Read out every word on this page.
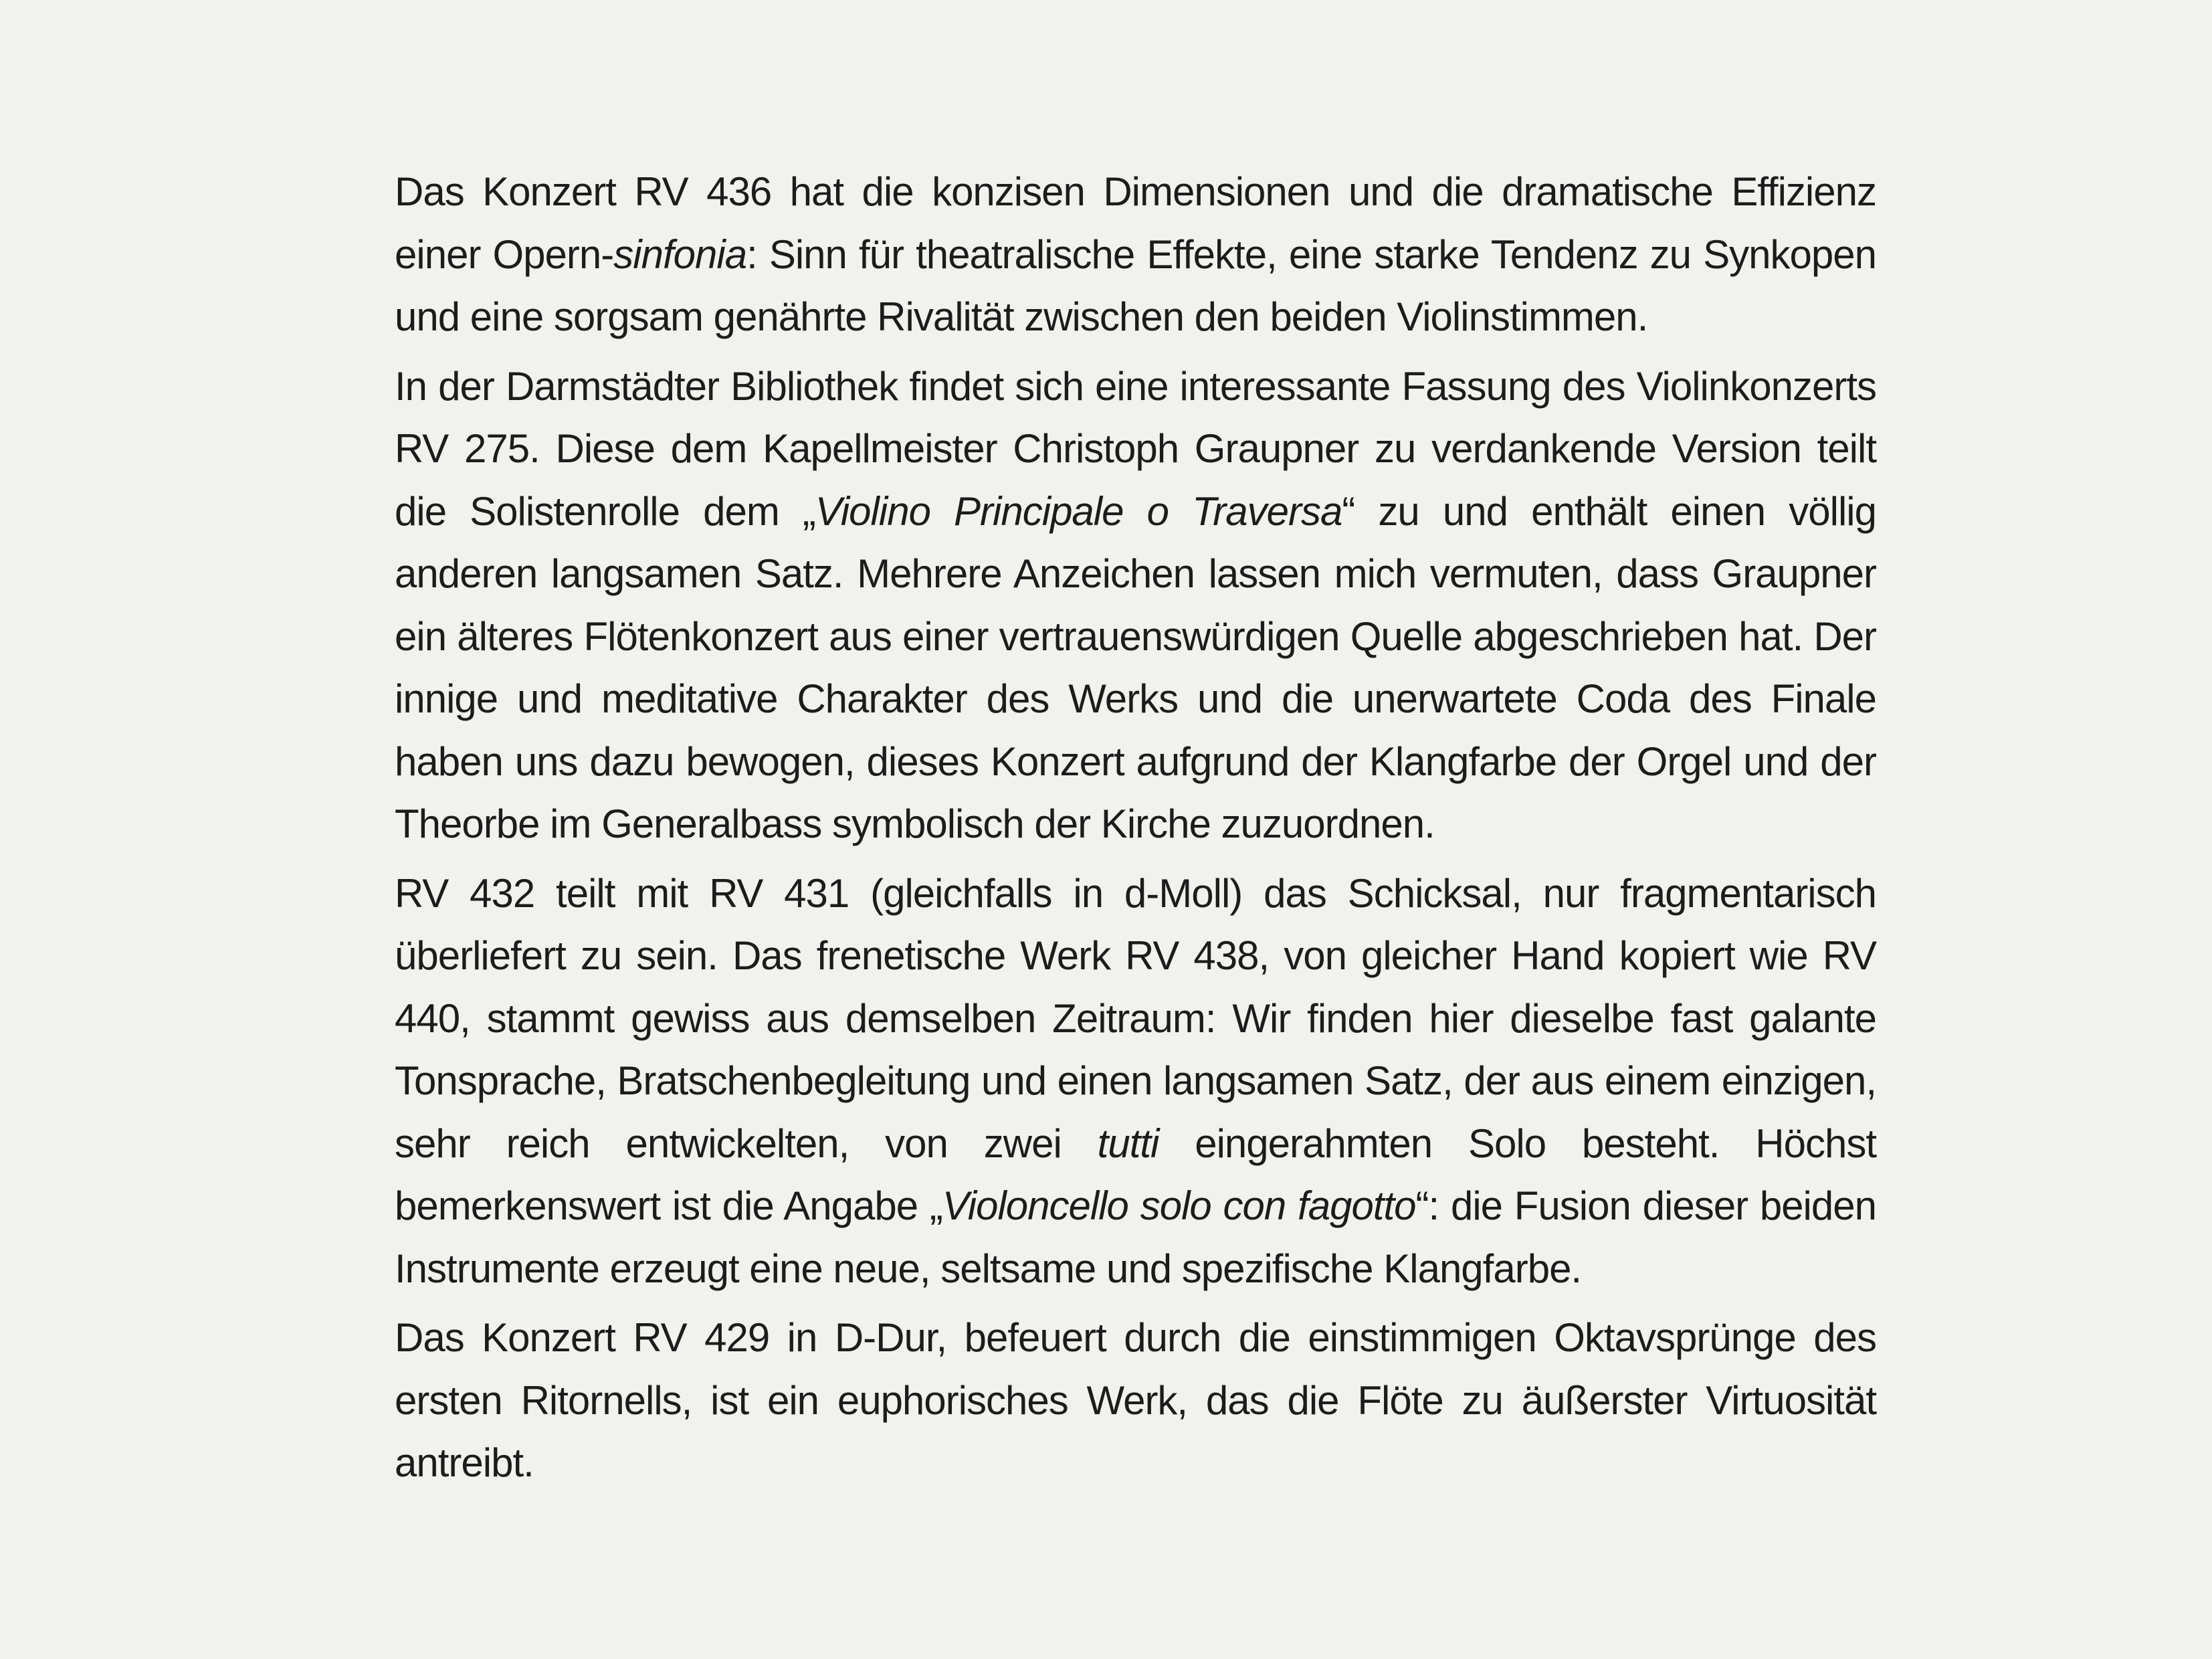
Das Konzert RV 436 hat die konzisen Dimensionen und die dramatische Effizienz einer Opern-sinfonia: Sinn für theatralische Effekte, eine starke Tendenz zu Synkopen und eine sorgsam genährte Rivalität zwischen den beiden Violinstimmen.

In der Darmstädter Bibliothek findet sich eine interessante Fassung des Violinkonzerts RV 275. Diese dem Kapellmeister Christoph Graupner zu verdankende Version teilt die Solistenrolle dem „Violino Principale o Traversa“ zu und enthält einen völlig anderen langsamen Satz. Mehrere Anzeichen lassen mich vermuten, dass Graupner ein älteres Flötenkonzert aus einer vertrauenswürdigen Quelle abgeschrieben hat. Der innige und meditative Charakter des Werks und die unerwartete Coda des Finale haben uns dazu bewogen, dieses Konzert aufgrund der Klangfarbe der Orgel und der Theorbe im Generalbass symbolisch der Kirche zuzuordnen.

RV 432 teilt mit RV 431 (gleichfalls in d-Moll) das Schicksal, nur fragmentarisch überliefert zu sein. Das frenetische Werk RV 438, von gleicher Hand kopiert wie RV 440, stammt gewiss aus demselben Zeitraum: Wir finden hier dieselbe fast galante Tonsprache, Bratschenbegleitung und einen langsamen Satz, der aus einem einzigen, sehr reich entwickelten, von zwei tutti eingerahmten Solo besteht. Höchst bemerkenswert ist die Angabe „Violoncello solo con fagotto“: die Fusion dieser beiden Instrumente erzeugt eine neue, seltsame und spezifische Klangfarbe.

Das Konzert RV 429 in D-Dur, befeuert durch die einstimmigen Oktavsprünge des ersten Ritornells, ist ein euphorisches Werk, das die Flöte zu äußerster Virtuosität antreibt.
